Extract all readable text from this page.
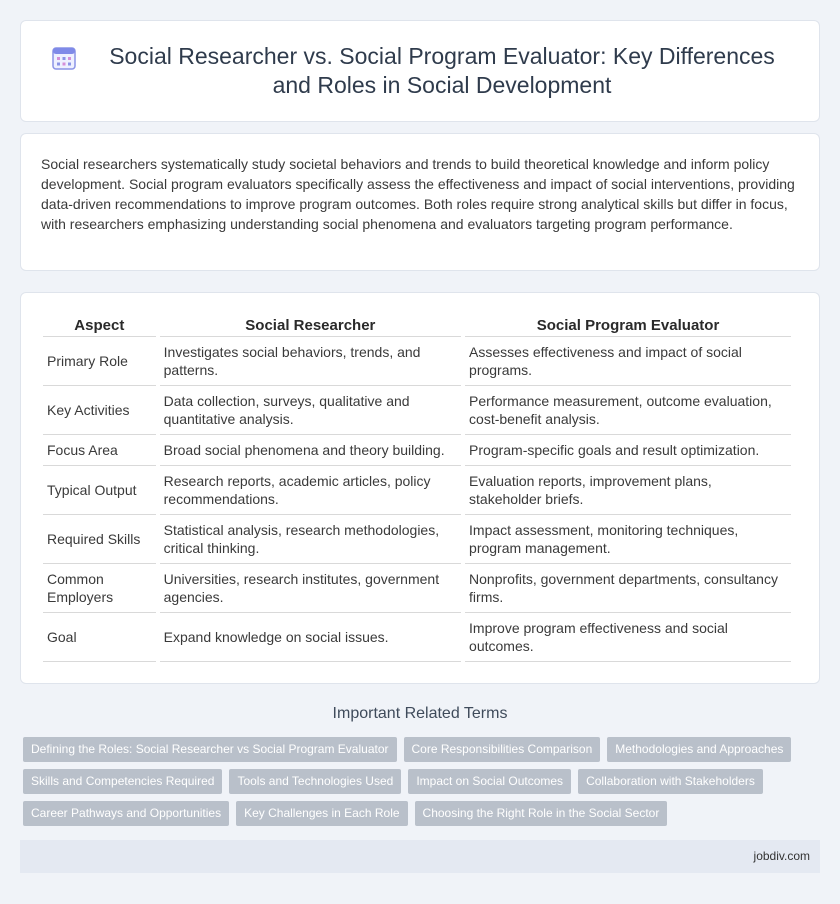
Social Researcher vs. Social Program Evaluator: Key Differences and Roles in Social Development

Social researchers systematically study societal behaviors and trends to build theoretical knowledge and inform policy development. Social program evaluators specifically assess the effectiveness and impact of social interventions, providing data-driven recommendations to improve program outcomes. Both roles require strong analytical skills but differ in focus, with researchers emphasizing understanding social phenomena and evaluators targeting program performance.

Aspect	Social Researcher	Social Program Evaluator
Primary Role	Investigates social behaviors, trends, and patterns.	Assesses effectiveness and impact of social programs.
Key Activities	Data collection, surveys, qualitative and quantitative analysis.	Performance measurement, outcome evaluation, cost-benefit analysis.
Focus Area	Broad social phenomena and theory building.	Program-specific goals and result optimization.
Typical Output	Research reports, academic articles, policy recommendations.	Evaluation reports, improvement plans, stakeholder briefs.
Required Skills	Statistical analysis, research methodologies, critical thinking.	Impact assessment, monitoring techniques, program management.
Common Employers	Universities, research institutes, government agencies.	Nonprofits, government departments, consultancy firms.
Goal	Expand knowledge on social issues.	Improve program effectiveness and social outcomes.
Important Related Terms
Defining the Roles: Social Researcher vs Social Program Evaluator	Core Responsibilities Comparison	Methodologies and Approaches
Skills and Competencies Required	Tools and Technologies Used	Impact on Social Outcomes	Collaboration with Stakeholders
Career Pathways and Opportunities	Key Challenges in Each Role	Choosing the Right Role in the Social Sector
jobdiv.com
